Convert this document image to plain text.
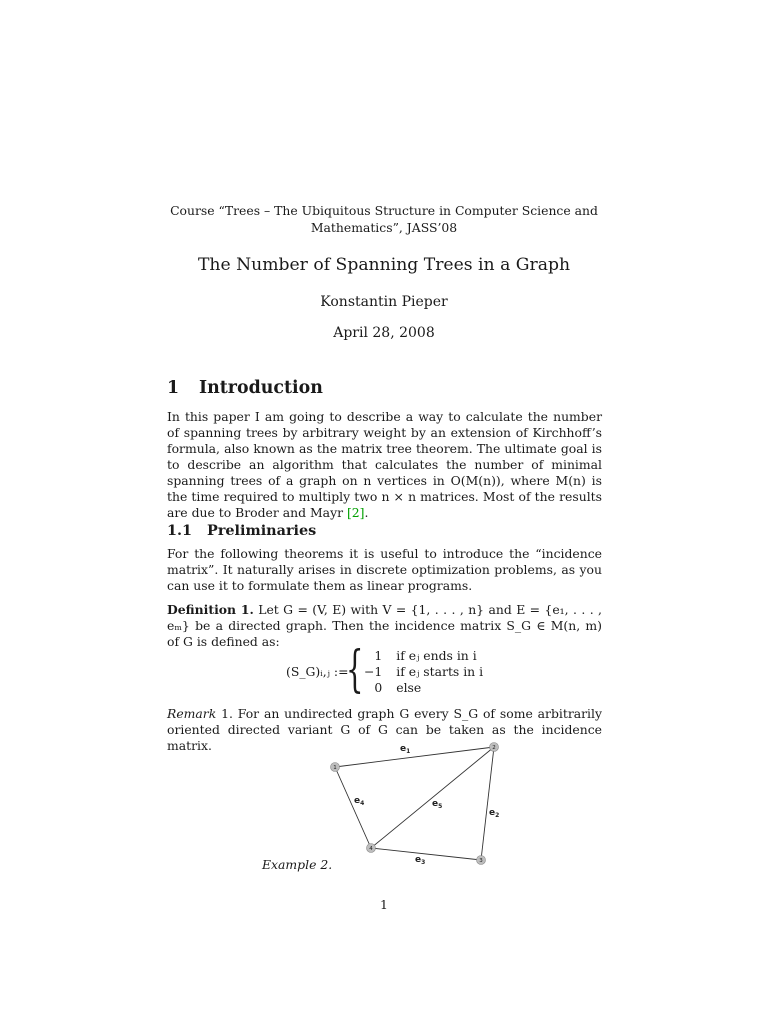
Course “Trees – The Ubiquitous Structure in Computer Science and
Mathematics”, JASS’08
The Number of Spanning Trees in a Graph
Konstantin Pieper
April 28, 2008
1 Introduction
In this paper I am going to describe a way to calculate the number of spanning trees by arbitrary weight by an extension of Kirchhoff’s formula, also known as the matrix tree theorem. The ultimate goal is to describe an algorithm that calculates the number of minimal spanning trees of a graph on n vertices in O(M(n)), where M(n) is the time required to multiply two n × n matrices. Most of the results are due to Broder and Mayr [2].
1.1 Preliminaries
For the following theorems it is useful to introduce the “incidence matrix”. It naturally arises in discrete optimization problems, as you can use it to formulate them as linear programs.
Definition 1. Let G = (V, E) with V = {1, . . . , n} and E = {e₁, . . . , eₘ} be a directed graph. Then the incidence matrix S_G ∈ M(n, m) of G is defined as:
(S_G)ᵢ,ⱼ :=
{ 1	if eⱼ ends in i
−1	if eⱼ starts in i
0	else
Remark 1. For an undirected graph G every S_G of some arbitrarily oriented directed variant G of G can be taken as the incidence matrix.
1
2
3
4
$e_1$
$e_2$
$e_3$
$e_4$	$e_5$
Example 2.
1
